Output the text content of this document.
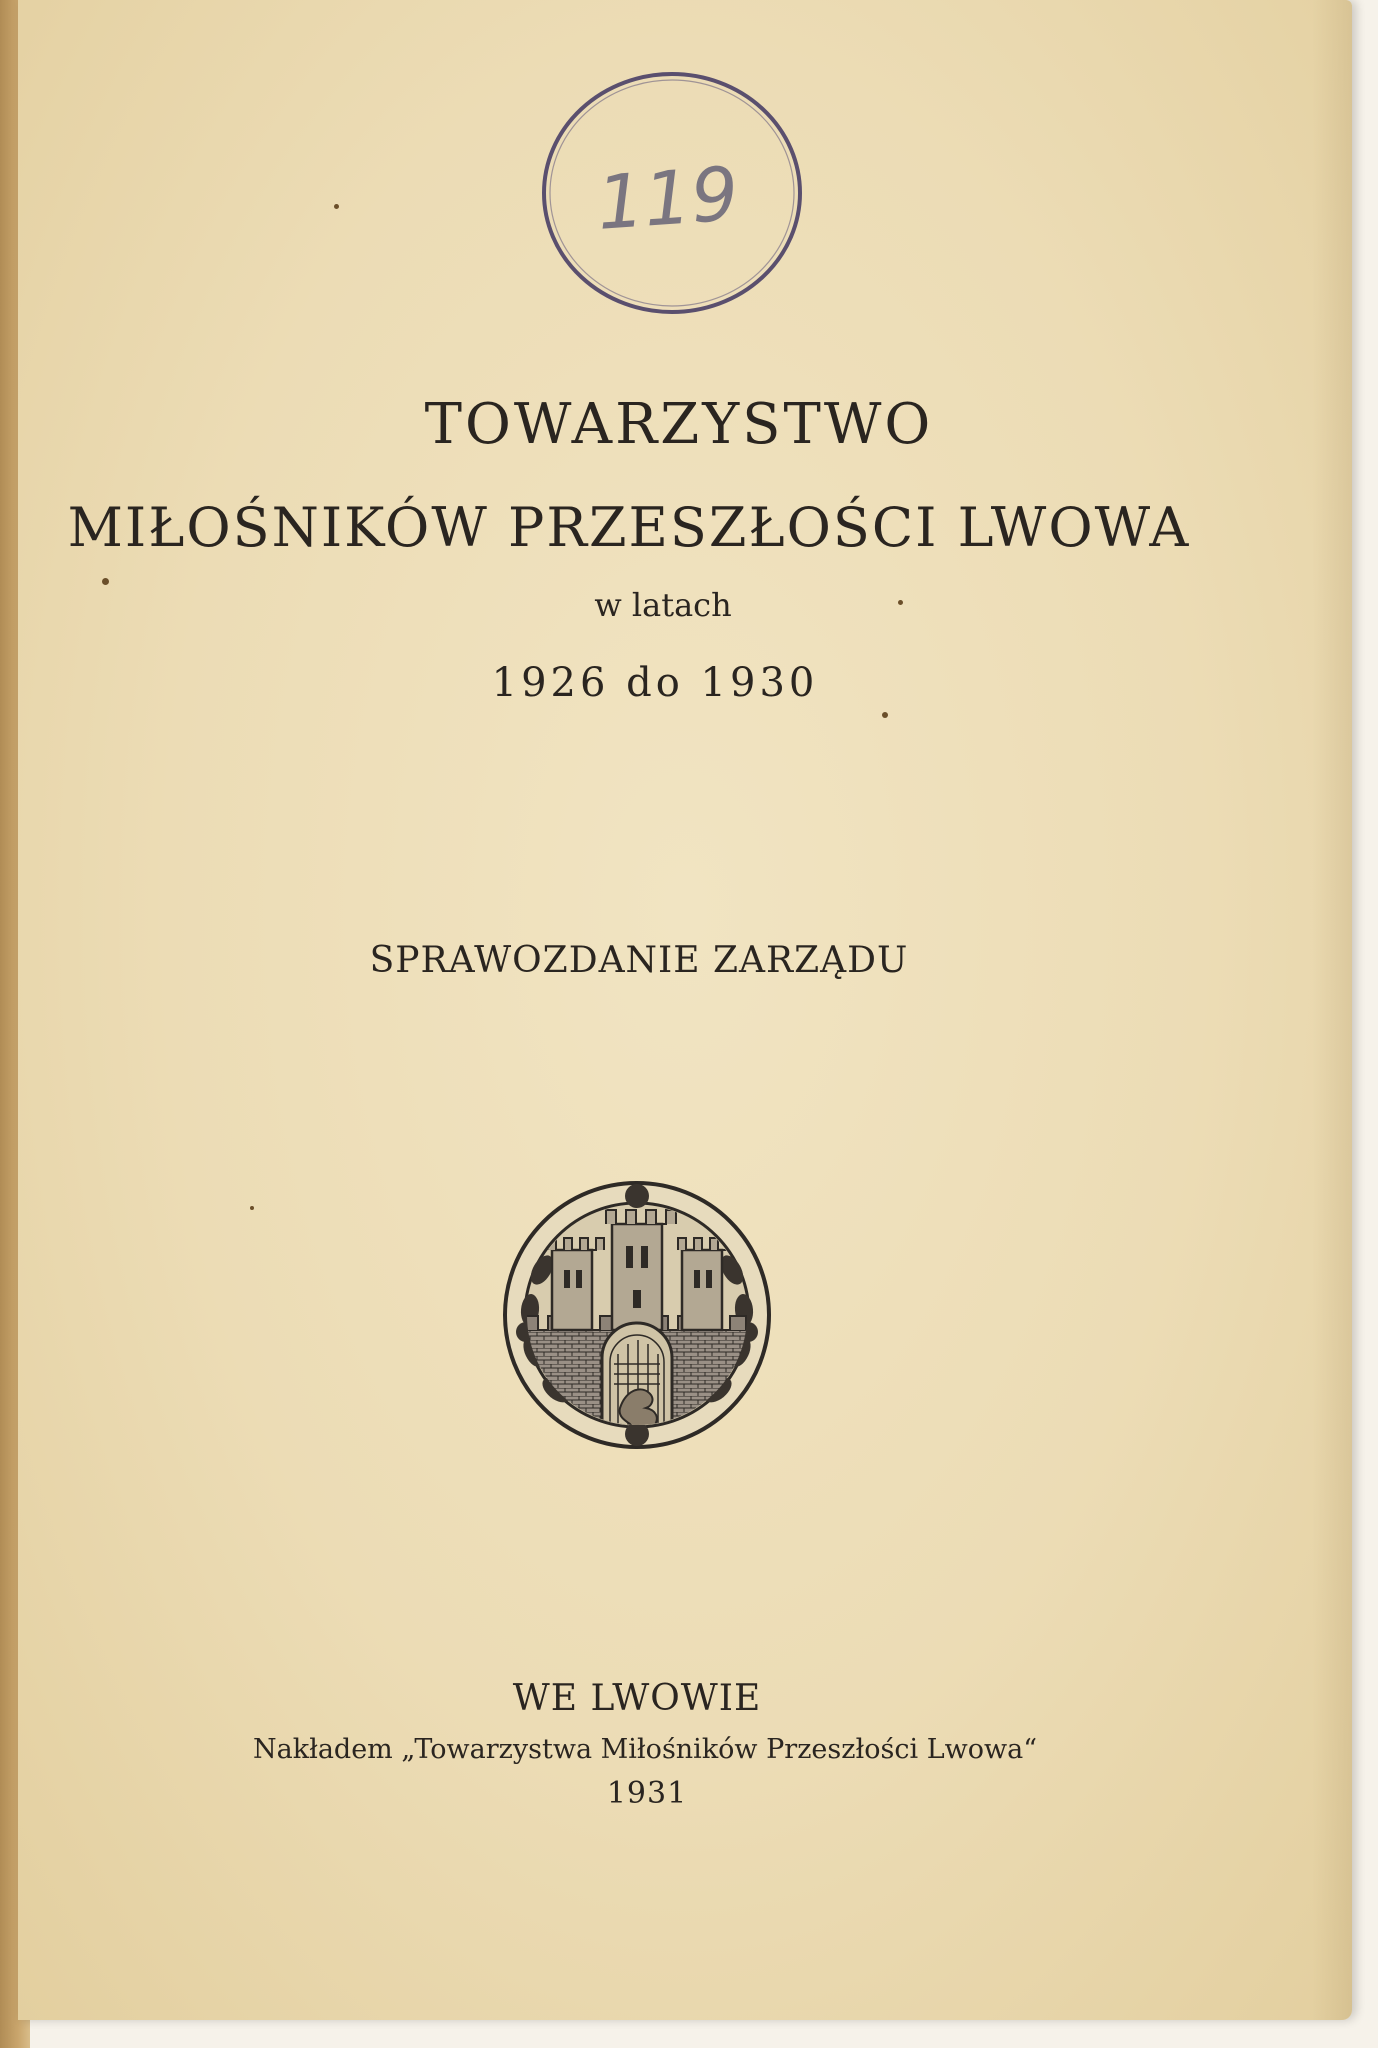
119
TOWARZYSTWO
MIŁOŚNIKÓW PRZESZŁOŚCI LWOWA
w latach
1926 do 1930
SPRAWOZDANIE ZARZĄDU
WE LWOWIE
Nakładem „Towarzystwa Miłośników Przeszłości Lwowa“
1931
